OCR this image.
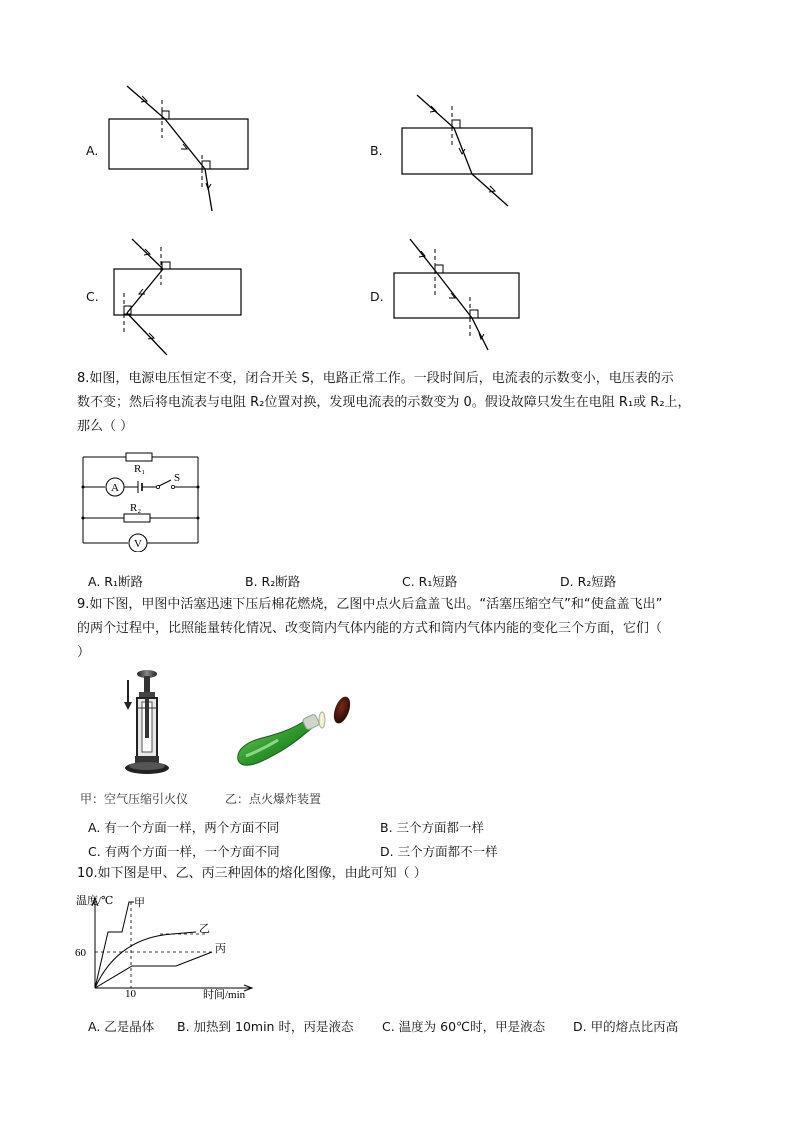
A.	B.
C.	D.
8.如图，电源电压恒定不变，闭合开关 S，电路正常工作。一段时间后，电流表的示数变小，电压表的示
数不变；然后将电流表与电阻 R₂位置对换，发现电流表的示数变为 0。假设故障只发生在电阻 R₁或 R₂上，
那么（ ）
R₁
A
S
R₂
V
A. R₁断路	B. R₂断路	C. R₁短路	D. R₂短路
9.如下图，甲图中活塞迅速下压后棉花燃烧，乙图中点火后盒盖飞出。“活塞压缩空气”和“使盒盖飞出”
的两个过程中，比照能量转化情况、改变筒内气体内能的方式和筒内气体内能的变化三个方面，它们（
）
甲：空气压缩引火仪	乙：点火爆炸装置
A. 有一个方面一样，两个方面不同	B. 三个方面都一样
C. 有两个方面一样，一个方面不同	D. 三个方面都不一样
10.如下图是甲、乙、丙三种固体的熔化图像，由此可知（ ）
温度/℃
时间/min
60
10
甲
乙
丙
A. 乙是晶体 B. 加热到 10min 时，丙是液态 C. 温度为 60℃时，甲是液态 D. 甲的熔点比丙高
